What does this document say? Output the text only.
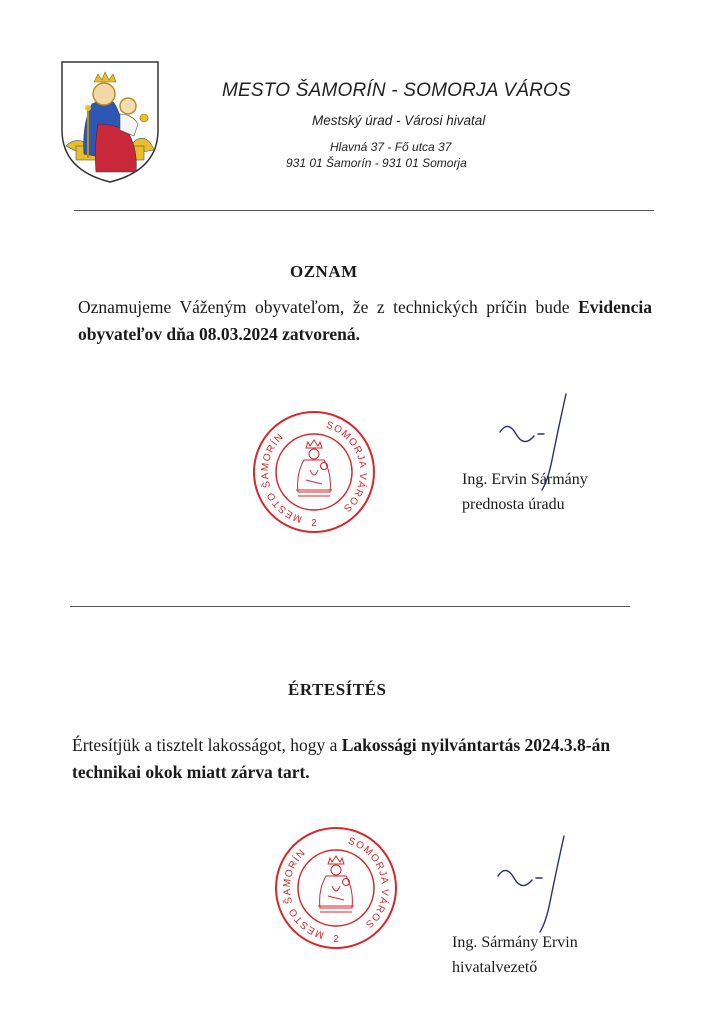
MESTO ŠAMORÍN - SOMORJA VÁROS
Mestský úrad - Városi hivatal
Hlavná 37 - Fő utca 37
931 01 Šamorín - 931 01 Somorja
OZNAM
Oznamujeme Váženým obyvateľom, že z technických príčin bude Evidencia obyvateľov dňa 08.03.2024 zatvorená.
MESTO ŠAMORÍN
SOMORJA VÁROS
2
Ing. Ervin Sármány
prednosta úradu
ÉRTESÍTÉS
Értesítjük a tisztelt lakosságot, hogy a Lakossági nyilvántartás 2024.3.8-án technikai okok miatt zárva tart.
MESTO ŠAMORÍN
SOMORJA VÁROS
2	Ing. Sármány Ervin
hivatalvezető
